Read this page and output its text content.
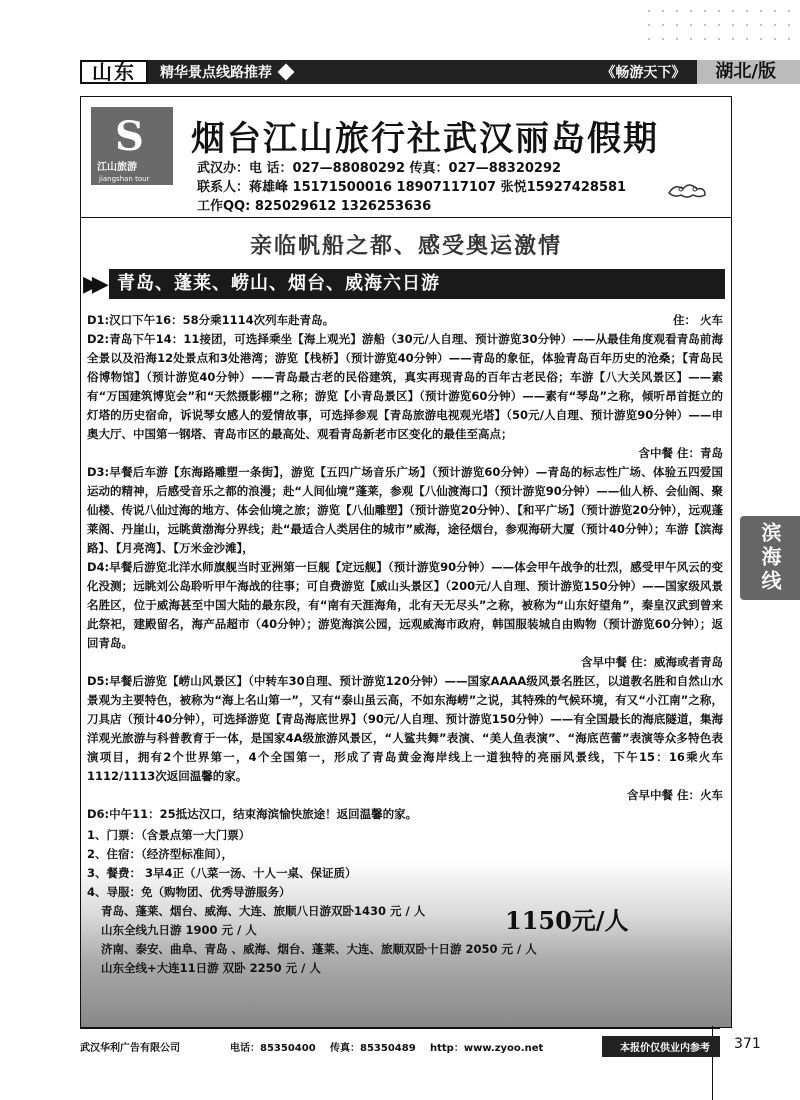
山东	精华景点线路推荐	《畅游天下》	湖北/版
S
江山旅游
jiangshan tour
烟台江山旅行社武汉丽岛假期
武汉办：电 话：027—88080292 传真：027—88320292
联系人：蒋雄峰 15171500016 18907117107 张悦15927428581
工作QQ: 825029612 1326253636
亲临帆船之都、感受奥运激情
▶▶ 青岛、蓬莱、崂山、烟台、威海六日游
D1:汉口下午16：58分乘1114次列车赴青岛。	住： 火车
D2:青岛下午14：11接团，可选择乘坐【海上观光】游船（30元/人自理、预计游览30分钟）——从最佳角度观看青岛前海全景以及沿海12处景点和3处港湾；游览【栈桥】（预计游览40分钟）——青岛的象征，体验青岛百年历史的沧桑；【青岛民俗博物馆】（预计游览40分钟）——青岛最古老的民俗建筑，真实再现青岛的百年古老民俗；车游【八大关风景区】——素有“万国建筑博览会”和“天然摄影棚”之称；游览【小青岛景区】（预计游览60分钟）——素有“琴岛”之称，倾听昂首挺立的灯塔的历史宿命，诉说琴女感人的爱情故事，可选择参观【青岛旅游电视观光塔】（50元/人自理、预计游览90分钟）——申奥大厅、中国第一钢塔、青岛市区的最高处、观看青岛新老市区变化的最佳至高点；
含中餐 住：青岛
D3:早餐后车游【东海路雕塑一条街】，游览【五四广场音乐广场】（预计游览60分钟）—青岛的标志性广场、体验五四爱国运动的精神，后感受音乐之都的浪漫；赴“人间仙境”蓬莱，参观【八仙渡海口】（预计游览90分钟）——仙人桥、会仙阁、聚仙楼、传说八仙过海的地方、体会仙境之旅；游览【八仙雕塑】（预计游览20分钟）、【和平广场】（预计游览20分钟），远观蓬莱阁、丹崖山，远眺黄渤海分界线；赴“最适合人类居住的城市”威海，途径烟台，参观海研大厦（预计40分钟）；车游【滨海路】、【月亮湾】、【万米金沙滩】，
D4:早餐后游览北洋水师旗舰当时亚洲第一巨舰【定远舰】（预计游览90分钟）——体会甲午战争的壮烈，感受甲午风云的变化没测；远眺刘公岛聆听甲午海战的往事；可自费游览【威山头景区】（200元/人自理、预计游览150分钟）——国家级风景名胜区，位于威海甚至中国大陆的最东段，有“南有天涯海角，北有天无尽头”之称，被称为“山东好望角”，秦皇汉武到曾来此祭祀，建殿留名，海产品超市（40分钟）；游览海滨公园，远观威海市政府，韩国服装城自由购物（预计游览60分钟）；返回青岛。
含早中餐 住：威海或者青岛
D5:早餐后游览【崂山风景区】（中转车30自理、预计游览120分钟）——国家AAAA级风景名胜区，以道教名胜和自然山水景观为主要特色，被称为“海上名山第一”，又有“泰山虽云高，不如东海崂”之说，其特殊的气候环境，有又“小江南”之称，刀具店（预计40分钟），可选择游览【青岛海底世界】（90元/人自理、预计游览150分钟）——有全国最长的海底隧道，集海洋观光旅游与科普教育于一体，是国家4A级旅游风景区，“人鲨共舞”表演、“美人鱼表演”、“海底芭蕾”表演等众多特色表演项目，拥有2个世界第一，4个全国第一，形成了青岛黄金海岸线上一道独特的亮丽风景线，下午15：16乘火车1112/1113次返回温馨的家。
含早中餐 住：火车
D6:中午11：25抵达汉口，结束海滨愉快旅途！返回温馨的家。
1、门票：（含景点第一大门票）
2、住宿：（经济型标准间），
3、餐费： 3早4正（八菜一汤、十人一桌、保证质）
4、导服：免（购物团、优秀导游服务）
青岛、蓬莱、烟台、威海、大连、旅顺八日游双卧1430 元 / 人
山东全线九日游 1900 元 / 人
济南、泰安、曲阜、青岛 、威海、烟台、蓬莱、大连、旅顺双卧十日游 2050 元 / 人
山东全线+大连11日游 双卧 2250 元 / 人
1150元/人
滨海线
武汉华利广告有限公司	电话：85350400	传真：85350489	http：www.zyoo.net	本报价仅供业内参考	371
